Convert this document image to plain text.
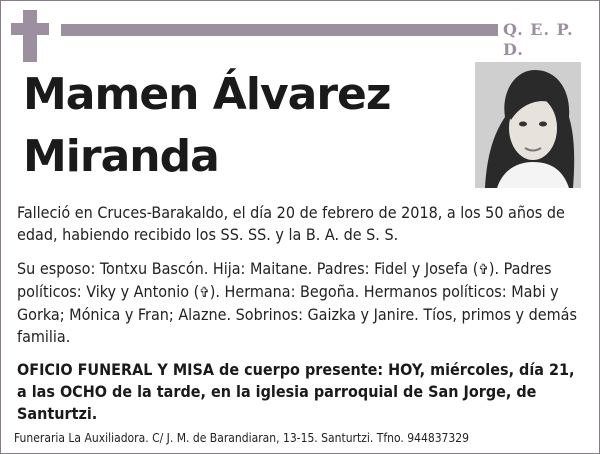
Q. E. P. D.
Mamen Álvarez
Miranda

Falleció en Cruces-Barakaldo, el día 20 de febrero de 2018, a los 50 años de edad, habiendo recibido los SS. SS. y la B. A. de S. S.

Su esposo: Tontxu Bascón. Hija: Maitane. Padres: Fidel y Josefa (✞). Padres políticos: Viky y Antonio (✞). Hermana: Begoña. Hermanos políticos: Mabi y Gorka; Mónica y Fran; Alazne. Sobrinos: Gaizka y Janire. Tíos, primos y demás familia.

OFICIO FUNERAL Y MISA de cuerpo presente: HOY, miércoles, día 21, a las OCHO de la tarde, en la iglesia parroquial de San Jorge, de Santurtzi.

Funeraria La Auxiliadora. C/ J. M. de Barandiaran, 13-15. Santurtzi. Tfno. 944837329
